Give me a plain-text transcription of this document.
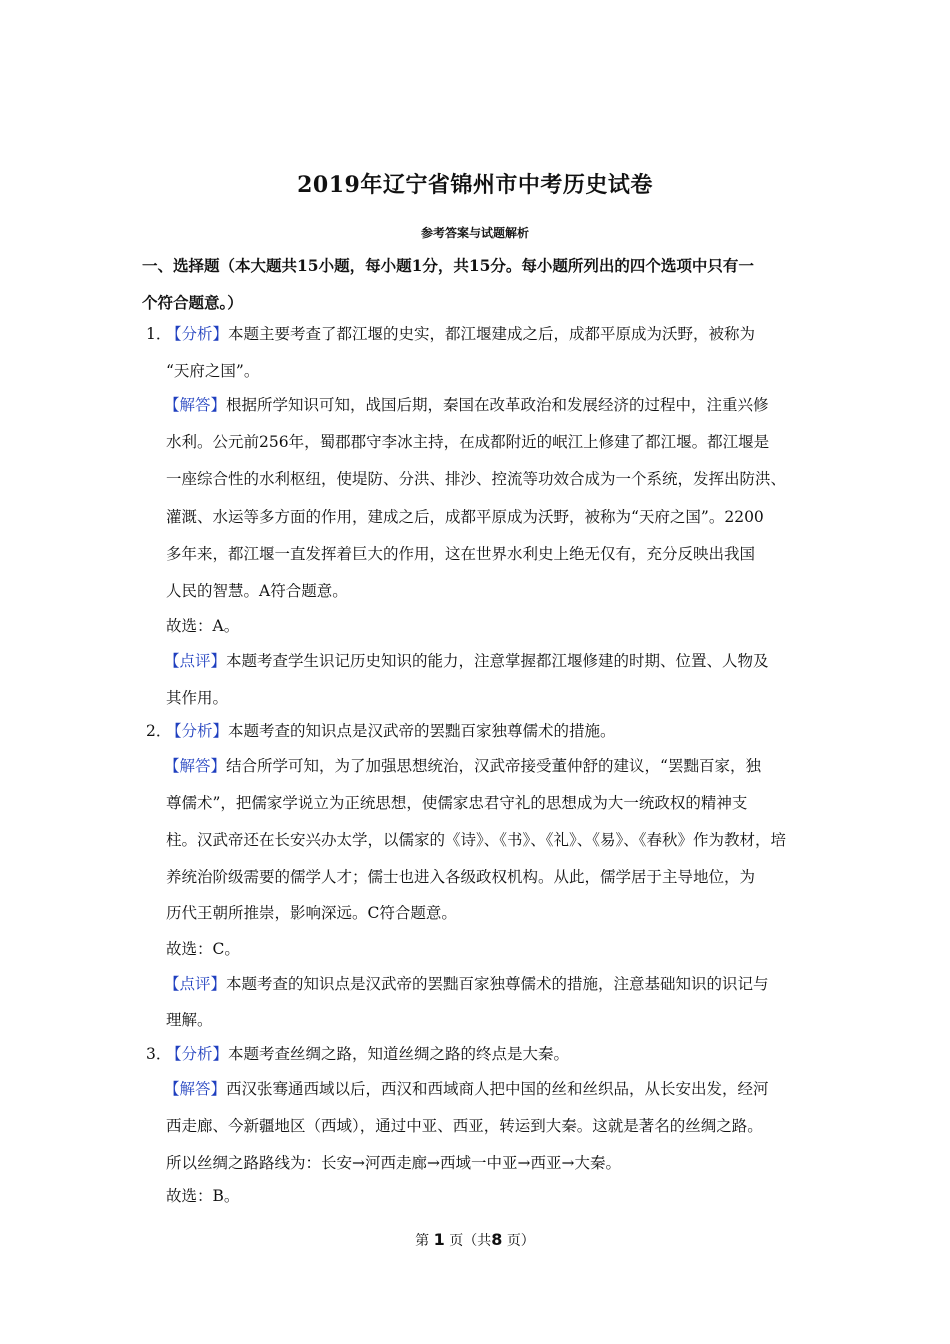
2019年辽宁省锦州市中考历史试卷
参考答案与试题解析
一、选择题（本大题共15小题，每小题1分，共15分。每小题所列出的四个选项中只有一
个符合题意。）
1．
【分析】本题主要考查了都江堰的史实，都江堰建成之后，成都平原成为沃野，被称为
“天府之国”。
【解答】根据所学知识可知，战国后期，秦国在改革政治和发展经济的过程中，注重兴修
水利。公元前256年，蜀郡郡守李冰主持，在成都附近的岷江上修建了都江堰。都江堰是
一座综合性的水利枢纽，使堤防、分洪、排沙、控流等功效合成为一个系统，发挥出防洪、
灌溉、水运等多方面的作用，建成之后，成都平原成为沃野，被称为“天府之国”。2200
多年来，都江堰一直发挥着巨大的作用，这在世界水利史上绝无仅有，充分反映出我国
人民的智慧。A符合题意。
故选：A。
【点评】本题考查学生识记历史知识的能力，注意掌握都江堰修建的时期、位置、人物及
其作用。
2．
【分析】本题考查的知识点是汉武帝的罢黜百家独尊儒术的措施。
【解答】结合所学可知，为了加强思想统治，汉武帝接受董仲舒的建议，“罢黜百家，独
尊儒术”，把儒家学说立为正统思想，使儒家忠君守礼的思想成为大一统政权的精神支
柱。汉武帝还在长安兴办太学，以儒家的《诗》、《书》、《礼》、《易》、《春秋》作为教材，培
养统治阶级需要的儒学人才；儒士也进入各级政权机构。从此，儒学居于主导地位，为
历代王朝所推崇，影响深远。C符合题意。
故选：C。
【点评】本题考查的知识点是汉武帝的罢黜百家独尊儒术的措施，注意基础知识的识记与
理解。
3．
【分析】本题考查丝绸之路，知道丝绸之路的终点是大秦。
【解答】西汉张骞通西域以后，西汉和西域商人把中国的丝和丝织品，从长安出发，经河
西走廊、今新疆地区（西域），通过中亚、西亚，转运到大秦。这就是著名的丝绸之路。
所以丝绸之路路线为：长安→河西走廊→西域一中亚→西亚→大秦。
故选：B。
第 1 页（共8 页）
